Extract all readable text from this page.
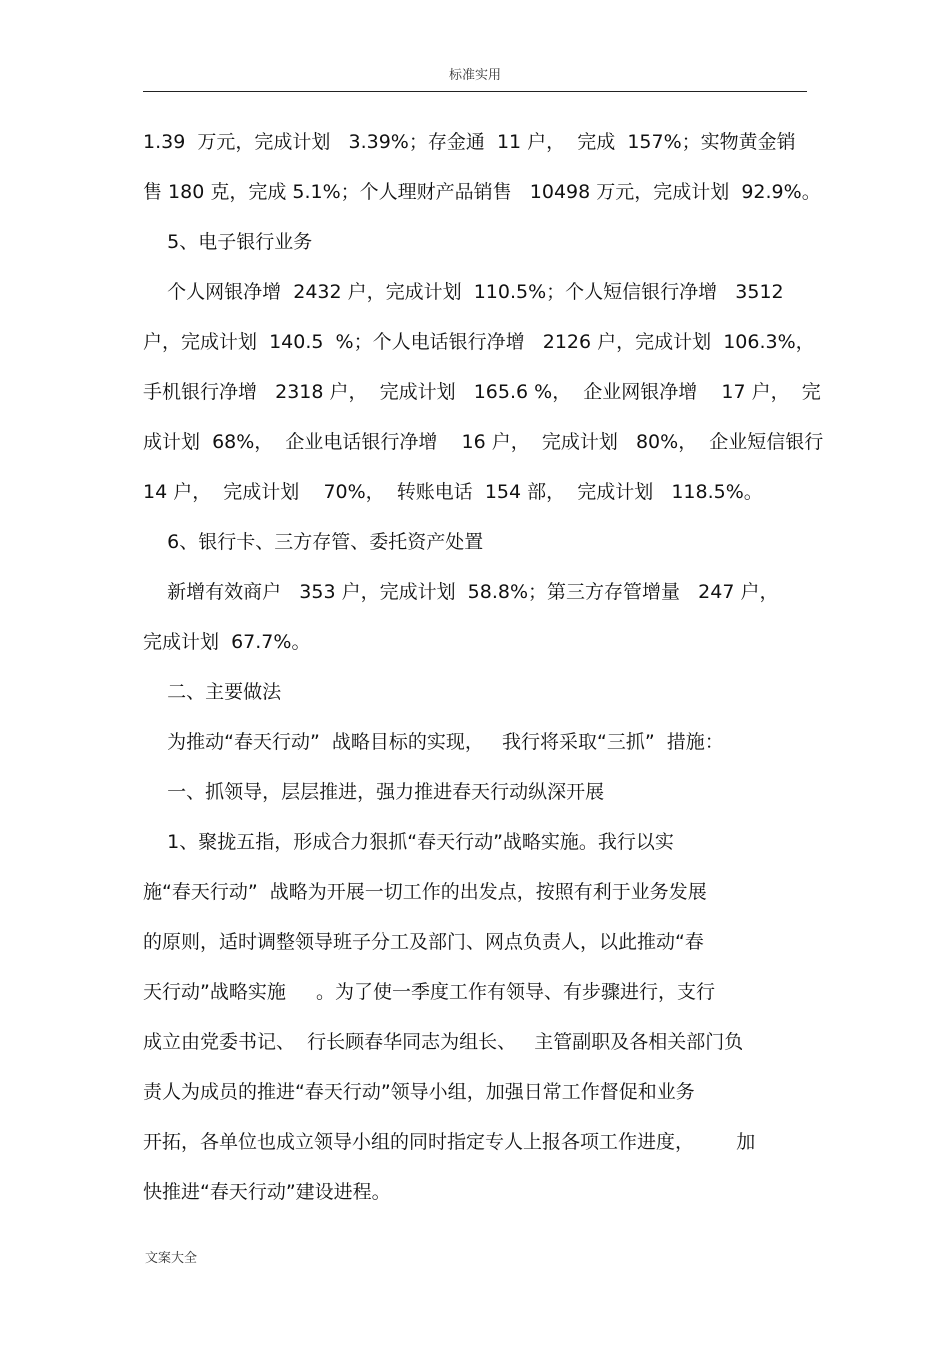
标准实用
1.39  万元，完成计划   3.39%；存金通  11 户，  完成  157%；实物黄金销
售 180 克，完成 5.1%；个人理财产品销售   10498 万元，完成计划  92.9%。
5、电子银行业务
个人网银净增  2432 户，完成计划  110.5%；个人短信银行净增   3512
户，完成计划  140.5  %；个人电话银行净增   2126 户，完成计划  106.3%，
手机银行净增   2318 户，  完成计划   165.6 %，  企业网银净增    17 户，  完
成计划  68%，  企业电话银行净增    16 户，  完成计划   80%，  企业短信银行
14 户，  完成计划    70%，  转账电话  154 部，  完成计划   118.5%。
6、银行卡、三方存管、委托资产处置
新增有效商户   353 户，完成计划  58.8%；第三方存管增量   247 户，
完成计划  67.7%。
二、主要做法
为推动“春天行动”  战略目标的实现，   我行将采取“三抓”  措施：
一、抓领导，层层推进，强力推进春天行动纵深开展
1、聚拢五指，形成合力狠抓“春天行动”战略实施。我行以实
施“春天行动”  战略为开展一切工作的出发点，按照有利于业务发展
的原则，适时调整领导班子分工及部门、网点负责人，以此推动“春
天行动”战略实施     。为了使一季度工作有领导、有步骤进行，支行
成立由党委书记、  行长顾春华同志为组长、   主管副职及各相关部门负
责人为成员的推进“春天行动”领导小组，加强日常工作督促和业务
开拓，各单位也成立领导小组的同时指定专人上报各项工作进度，       加
快推进“春天行动”建设进程。
文案大全
